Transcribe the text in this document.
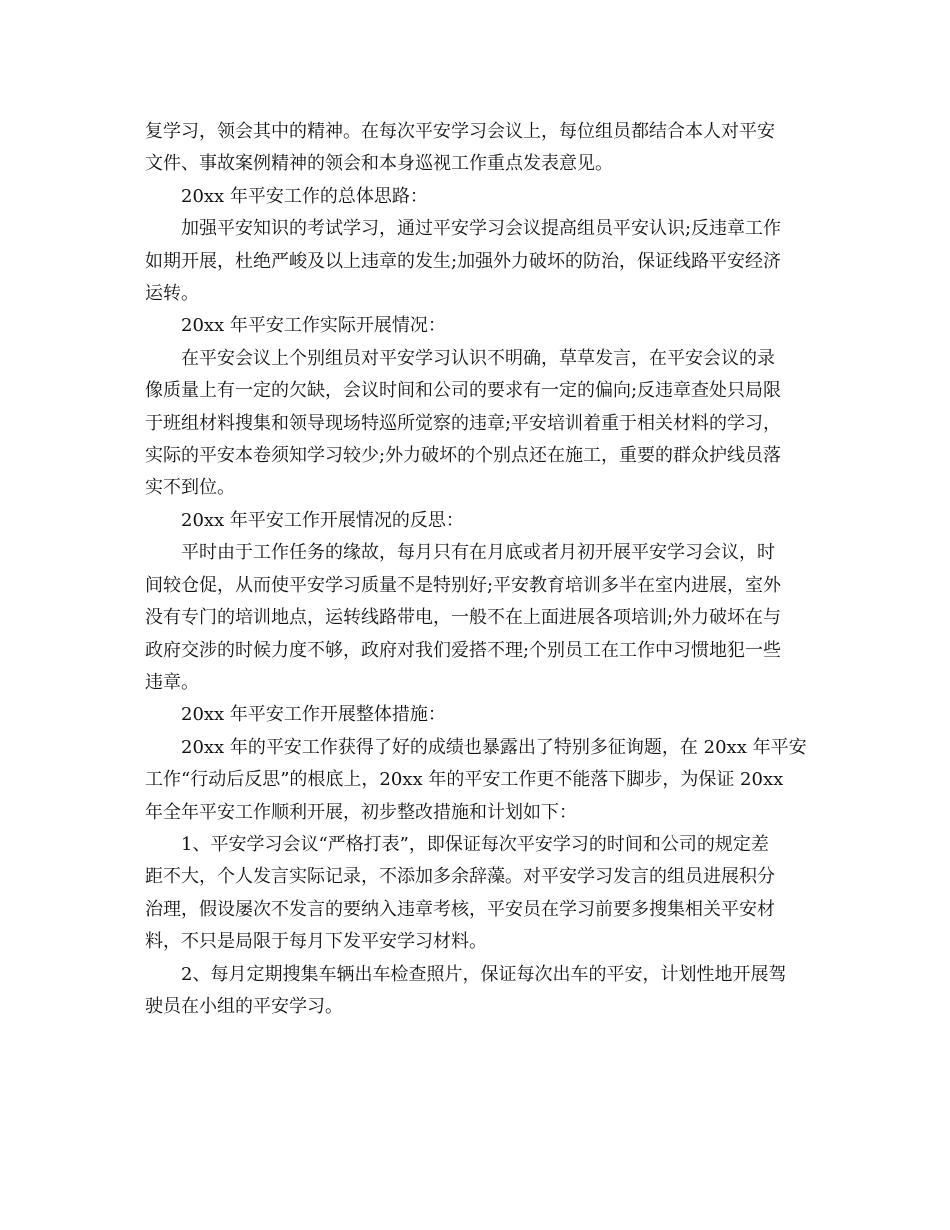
复学习，领会其中的精神。在每次平安学习会议上，每位组员都结合本人对平安
文件、事故案例精神的领会和本身巡视工作重点发表意见。

　　20xx 年平安工作的总体思路：

　　加强平安知识的考试学习，通过平安学习会议提高组员平安认识;反违章工作
如期开展，杜绝严峻及以上违章的发生;加强外力破坏的防治，保证线路平安经济
运转。

　　20xx 年平安工作实际开展情况：

　　在平安会议上个别组员对平安学习认识不明确，草草发言，在平安会议的录
像质量上有一定的欠缺，会议时间和公司的要求有一定的偏向;反违章查处只局限
于班组材料搜集和领导现场特巡所觉察的违章;平安培训着重于相关材料的学习，
实际的平安本卷须知学习较少;外力破坏的个别点还在施工，重要的群众护线员落
实不到位。

　　20xx 年平安工作开展情况的反思：

　　平时由于工作任务的缘故，每月只有在月底或者月初开展平安学习会议，时
间较仓促，从而使平安学习质量不是特别好;平安教育培训多半在室内进展，室外
没有专门的培训地点，运转线路带电，一般不在上面进展各项培训;外力破坏在与
政府交涉的时候力度不够，政府对我们爱搭不理;个别员工在工作中习惯地犯一些
违章。

　　20xx 年平安工作开展整体措施：

　　20xx 年的平安工作获得了好的成绩也暴露出了特别多征询题，在 20xx 年平安
工作“行动后反思”的根底上，20xx 年的平安工作更不能落下脚步，为保证 20xx
年全年平安工作顺利开展，初步整改措施和计划如下：

　　1、平安学习会议“严格打表”，即保证每次平安学习的时间和公司的规定差
距不大，个人发言实际记录，不添加多余辞藻。对平安学习发言的组员进展积分
治理，假设屡次不发言的要纳入违章考核，平安员在学习前要多搜集相关平安材
料，不只是局限于每月下发平安学习材料。

　　2、每月定期搜集车辆出车检查照片，保证每次出车的平安，计划性地开展驾
驶员在小组的平安学习。
